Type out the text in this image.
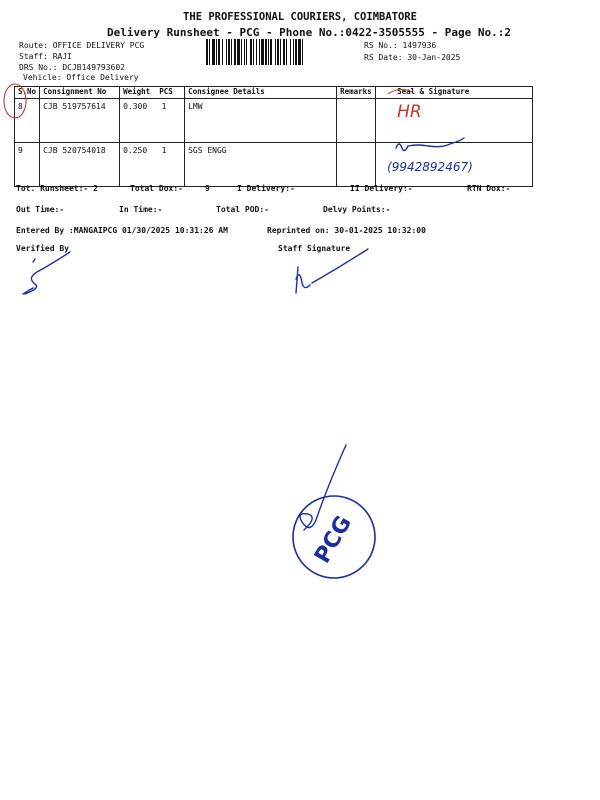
THE PROFESSIONAL COURIERS, COIMBATORE
Delivery Runsheet - PCG - Phone No.:0422-3505555 - Page No.:2
Route: OFFICE DELIVERY PCG
Staff: RAJI
DRS No.: DCJB149793602
Vehicle: Office Delivery
RS No.: 1497936
RS Date: 30-Jan-2025
S.No	Consignment No	Weight PCS	Consignee Details	Remarks	Seal & Signature
8	CJB 519757614	0.300 1	LMW		HR
9	CJB 520754018	0.250 1	SGS ENGG		(9942892467)
Tot. Runsheet:- 2	Total Dox:-	9	I Delivery:-	II Delivery:-	RTN Dox:-
Out Time:-	In Time:-	Total POD:-	Delvy Points:-
Entered By :MANGAIPCG 01/30/2025 10:31:26 AM	Reprinted on: 30-01-2025 10:32:00
Verified By	Staff Signature
PCG
